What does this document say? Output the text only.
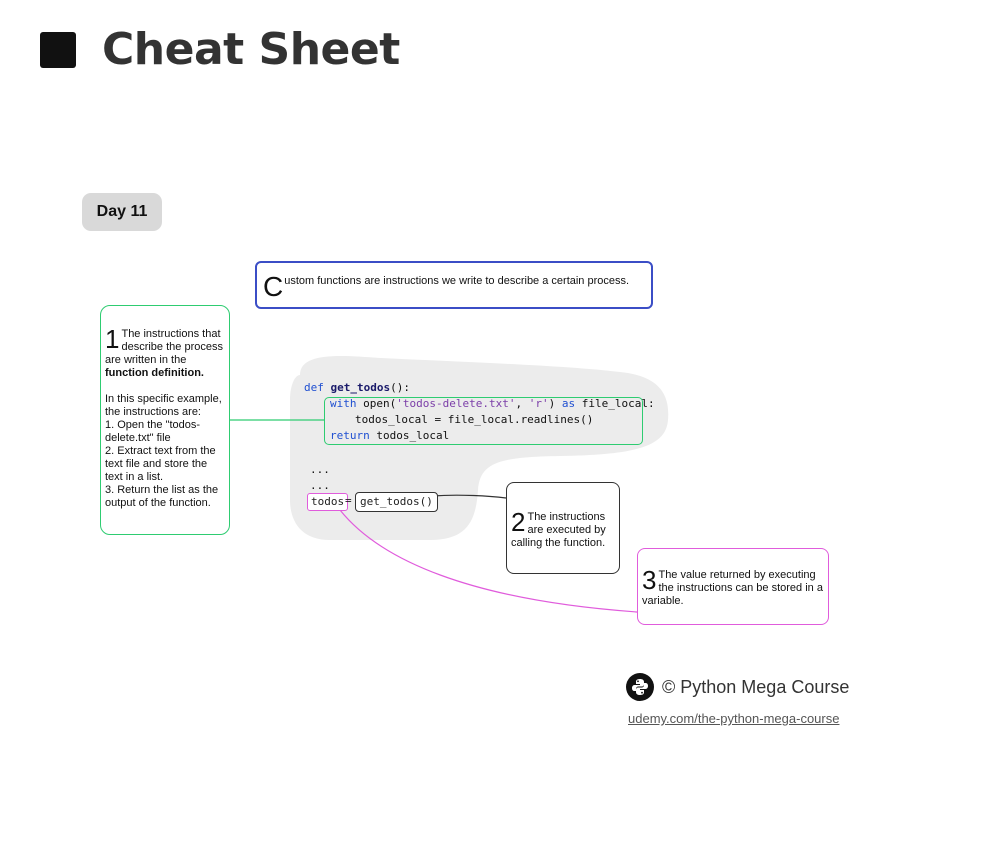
Cheat Sheet
Day 11
C ustom functions are instructions we write to describe a certain process.
1 The instructions that describe the process are written in the
function definition.

In this specific example, the instructions are:
1. Open the "todos-delete.txt" file
2. Extract text from the text file and store the text in a list.
3. Return the list as the output of the function.
def get_todos():
with open('todos-delete.txt', 'r') as file_local:
todos_local = file_local.readlines()
return todos_local
...
...
todos = get_todos()
2 The instructions are executed by calling the function.
3 The value returned by executing the instructions can be stored in a variable.
© Python Mega Course
udemy.com/the-python-mega-course
